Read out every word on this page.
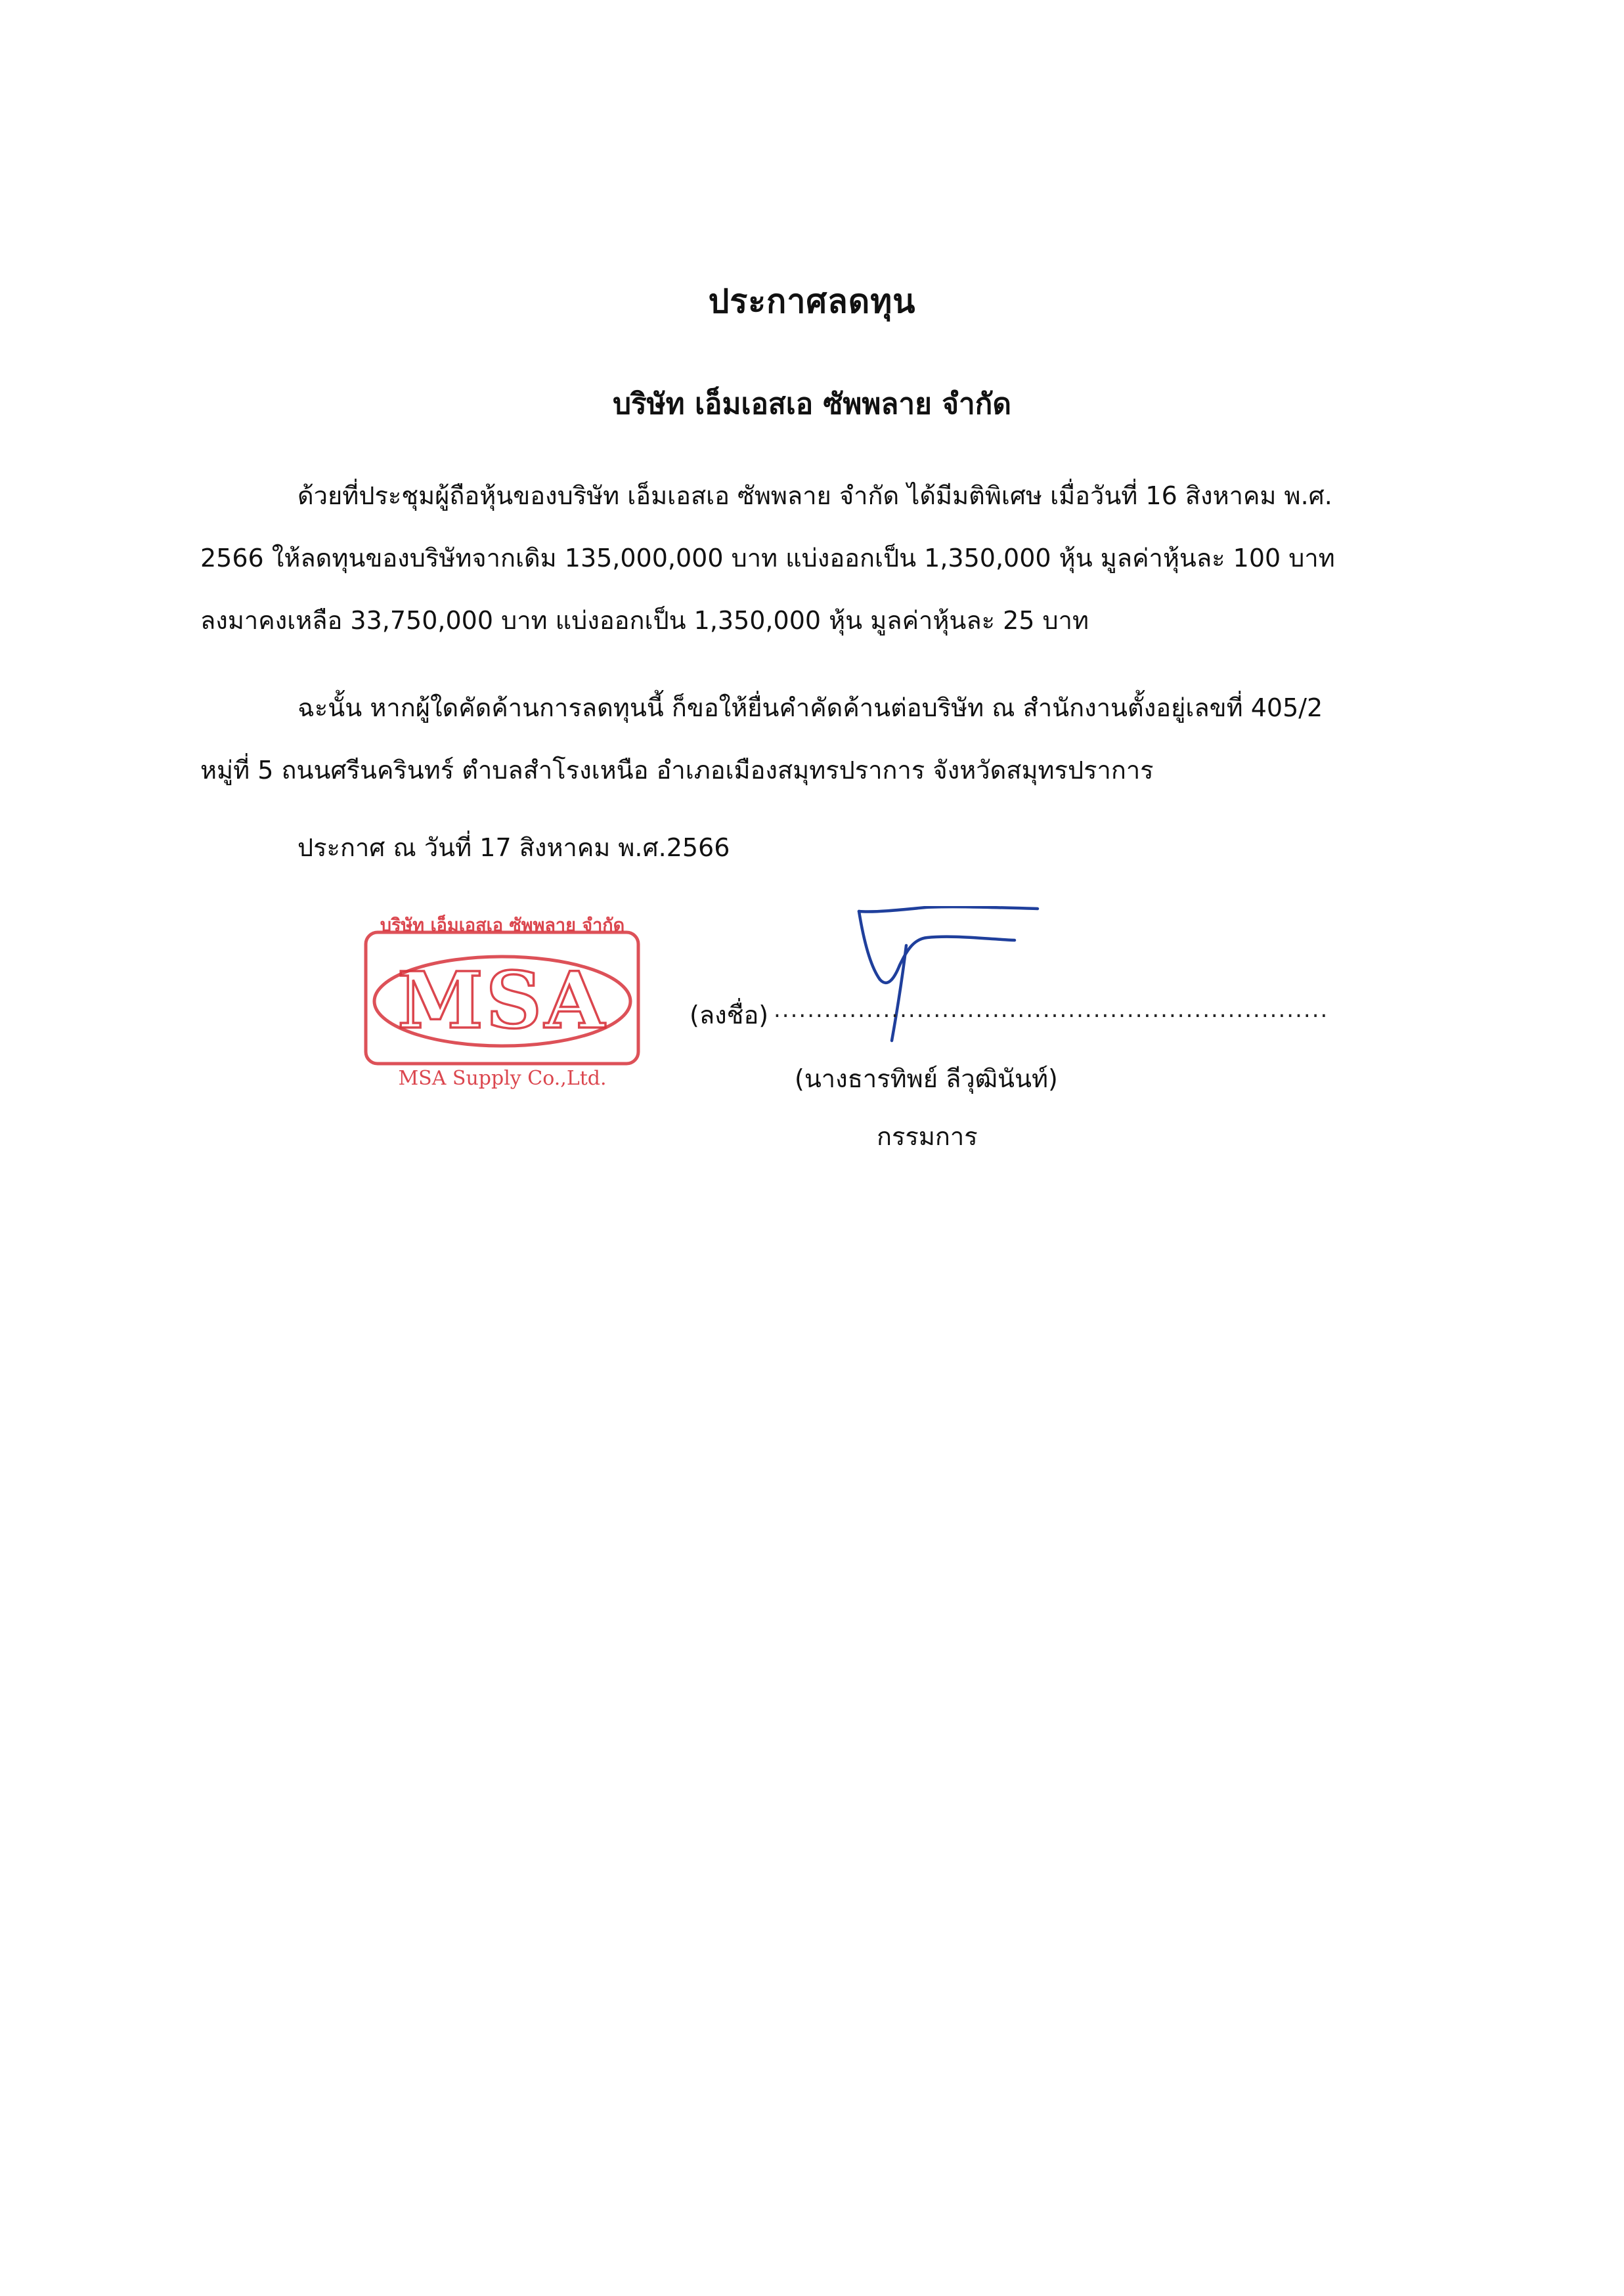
ประกาศลดทุน
บริษัท เอ็มเอสเอ ซัพพลาย จำกัด
ด้วยที่ประชุมผู้ถือหุ้นของบริษัท เอ็มเอสเอ ซัพพลาย จำกัด ได้มีมติพิเศษ เมื่อวันที่ 16 สิงหาคม พ.ศ.
2566 ให้ลดทุนของบริษัทจากเดิม 135,000,000 บาท แบ่งออกเป็น 1,350,000 หุ้น มูลค่าหุ้นละ 100 บาท
ลงมาคงเหลือ 33,750,000 บาท แบ่งออกเป็น 1,350,000 หุ้น มูลค่าหุ้นละ 25 บาท
ฉะนั้น หากผู้ใดคัดค้านการลดทุนนี้ ก็ขอให้ยื่นคำคัดค้านต่อบริษัท ณ สำนักงานตั้งอยู่เลขที่ 405/2
หมู่ที่ 5 ถนนศรีนครินทร์ ตำบลสำโรงเหนือ อำเภอเมืองสมุทรปราการ จังหวัดสมุทรปราการ
ประกาศ ณ วันที่ 17 สิงหาคม พ.ศ.2566
บริษัท เอ็มเอสเอ ซัพพลาย จำกัด
MSA
MSA Supply Co.,Ltd.
(ลงชื่อ) ..................................................................
(นางธารทิพย์ ลีวุฒินันท์)
กรรมการ
